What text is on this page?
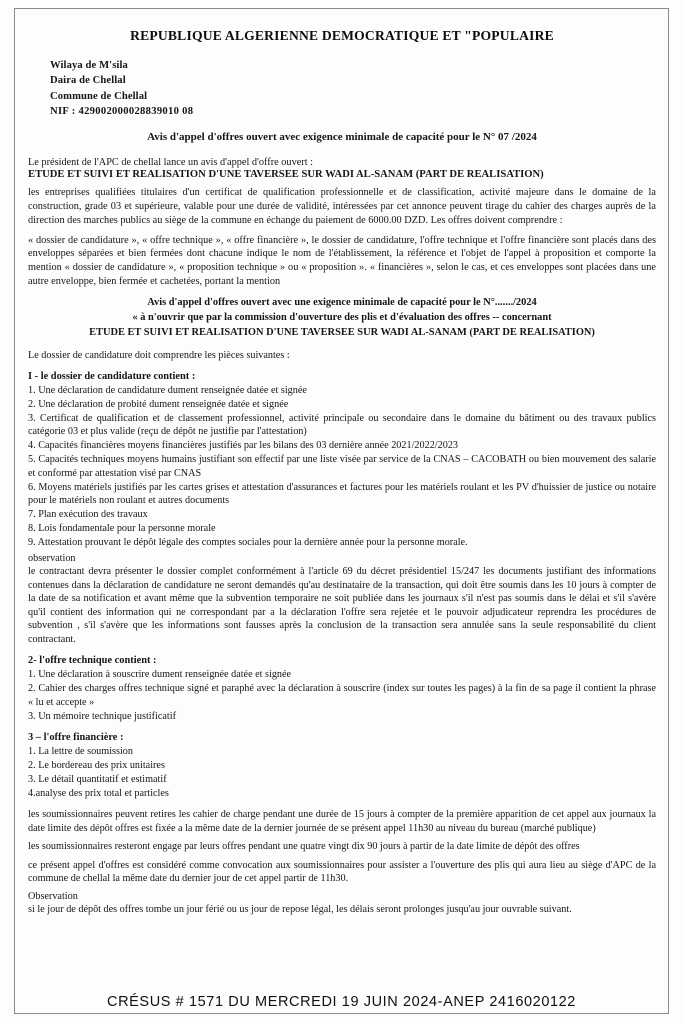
REPUBLIQUE ALGERIENNE DEMOCRATIQUE ET "POPULAIRE
Wilaya de M'sila
Daira de Chellal
Commune de Chellal
NIF : 429002000028839010 08
Avis d'appel d'offres ouvert avec exigence minimale de capacité pour le N° 07 /2024
Le président de l'APC de chellal lance un avis d'appel d'offre ouvert :
ETUDE ET SUIVI ET REALISATION D'UNE TAVERSEE SUR WADI AL-SANAM (PART DE REALISATION)
les entreprises qualifiées titulaires d'un certificat de qualification professionnelle et de classification, activité majeure dans le domaine de la construction, grade 03 et supérieure, valable pour une durée de validité, intéressées par cet annonce peuvent tirage du cahier des charges auprès de la direction des marches publics au siège de la commune en échange du paiement de 6000.00 DZD. Les offres doivent comprendre :
« dossier de candidature », « offre technique », « offre financière », le dossier de candidature, l'offre technique et l'offre financière sont placés dans des enveloppes séparées et bien fermées dont chacune indique le nom de l'établissement, la référence et l'objet de l'appel à proposition et comporte la mention « dossier de candidature », « proposition technique » ou « proposition ». « financières », selon le cas, et ces enveloppes sont placées dans une autre enveloppe, bien fermée et cachetées, portant la mention
Avis d'appel d'offres ouvert avec une exigence minimale de capacité pour le N°......./2024
« à n'ouvrir que par la commission d'ouverture des plis et d'évaluation des offres -- concernant
ETUDE ET SUIVI ET REALISATION D'UNE TAVERSEE SUR WADI AL-SANAM (PART DE REALISATION)
Le dossier de candidature doit comprendre les pièces suivantes :
I - le dossier de candidature contient :
1. Une déclaration de candidature dument renseignée datée et signée
2. Une déclaration de probité dument renseignée datée et signée
3. Certificat de qualification et de classement professionnel, activité principale ou secondaire dans le domaine du bâtiment ou des travaux publics catégorie 03 et plus valide (reçu de dépôt ne justifie par l'attestation)
4. Capacités financières moyens financières justifiés par les bilans des 03 dernière année 2021/2022/2023
5. Capacités techniques moyens humains justifiant son effectif par une liste visée par service de la CNAS – CACOBATH ou bien mouvement des salarie et conformé par attestation visé par CNAS
6. Moyens matériels justifiés par les cartes grises et attestation d'assurances et factures pour les matériels roulant et les PV d'huissier de justice ou notaire pour le matériels non roulant et autres documents
7. Plan exécution des travaux
8. Lois fondamentale pour la personne morale
9. Attestation prouvant le dépôt légale des comptes sociales pour la dernière année pour la personne morale.
observation
le contractant devra présenter le dossier complet conformément à l'article 69 du décret présidentiel 15/247 les documents justifiant des informations contenues dans la déclaration de candidature ne seront demandés qu'au destinataire de la transaction, qui doit être soumis dans les 10 jours à compter de la date de sa notification et avant même que la subvention temporaire ne soit publiée dans les journaux s'il n'est pas soumis dans le délai et s'il s'avère qu'il contient des information qui ne correspondant par a la déclaration l'offre sera rejetée et le pouvoir adjudicateur reprendra les procédures de subvention , s'il s'avère que les informations sont fausses après la conclusion de la transaction sera annulée sans la seule responsabilité du client contractant.
2- l'offre technique contient :
1. Une déclaration à souscrire dument renseignée datée et signée
2. Cahier des charges offres technique signé et paraphé avec la déclaration à souscrire (index sur toutes les pages) à la fin de sa page il contient la phrase « lu et accepte »
3. Un mémoire technique justificatif
3 – l'offre financière :
1. La lettre de soumission
2. Le bordereau des prix unitaires
3. Le détail quantitatif et estimatif
4.analyse des prix total et particles
les soumissionnaires peuvent retires les cahier de charge pendant une durée de 15 jours à compter de la première apparition de cet appel aux journaux la date limite des dépôt offres est fixée a la même date de la dernier journée de se présent appel 11h30 au niveau du bureau (marché publique)
les soumissionnaires resteront engage par leurs offres pendant une quatre vingt dix 90 jours à partir de la date limite de dépôt des offres
ce présent appel d'offres est considéré comme convocation aux soumissionnaires pour assister a l'ouverture des plis qui aura lieu au siège d'APC de la commune de chellal la même date du dernier jour de cet appel partir de 11h30.
Observation
si le jour de dépôt des offres tombe un jour férié ou us jour de repose légal, les délais seront prolonges jusqu'au jour ouvrable suivant.
CRÉSUS # 1571 DU MERCREDI 19 JUIN 2024-ANEP 2416020122
